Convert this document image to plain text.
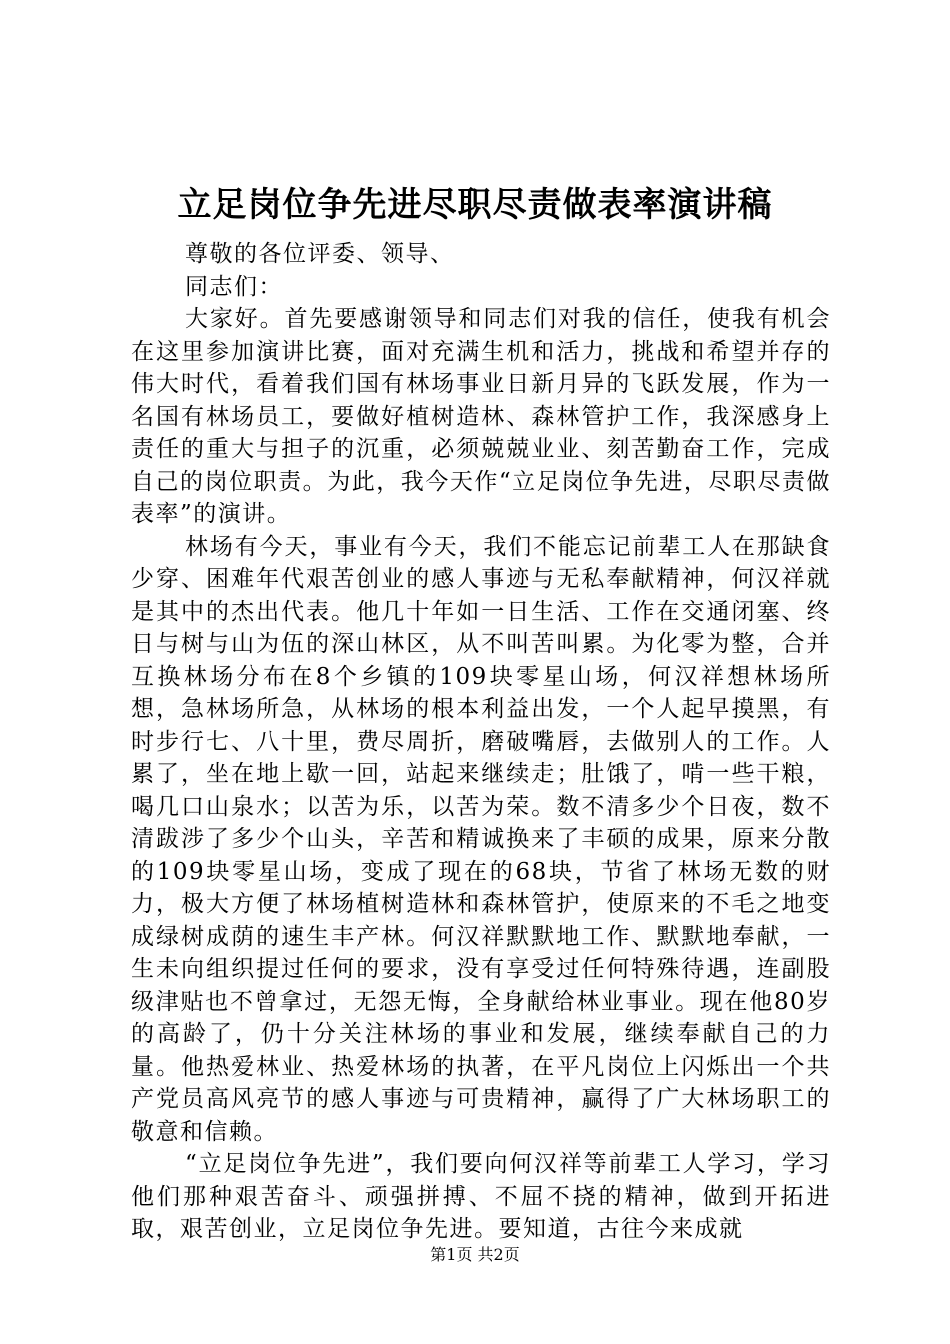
立足岗位争先进尽职尽责做表率演讲稿

尊敬的各位评委、领导、

同志们：

大家好。首先要感谢领导和同志们对我的信任，使我有机会在这里参加演讲比赛，面对充满生机和活力，挑战和希望并存的伟大时代，看着我们国有林场事业日新月异的飞跃发展，作为一名国有林场员工，要做好植树造林、森林管护工作，我深感身上责任的重大与担子的沉重，必须兢兢业业、刻苦勤奋工作，完成自己的岗位职责。为此，我今天作“立足岗位争先进，尽职尽责做表率”的演讲。

林场有今天，事业有今天，我们不能忘记前辈工人在那缺食少穿、困难年代艰苦创业的感人事迹与无私奉献精神，何汉祥就是其中的杰出代表。他几十年如一日生活、工作在交通闭塞、终日与树与山为伍的深山林区，从不叫苦叫累。为化零为整，合并互换林场分布在8个乡镇的109块零星山场，何汉祥想林场所想，急林场所急，从林场的根本利益出发，一个人起早摸黑，有时步行七、八十里，费尽周折，磨破嘴唇，去做别人的工作。人累了，坐在地上歇一回，站起来继续走；肚饿了，啃一些干粮，喝几口山泉水；以苦为乐，以苦为荣。数不清多少个日夜，数不清跋涉了多少个山头，辛苦和精诚换来了丰硕的成果，原来分散的109块零星山场，变成了现在的68块，节省了林场无数的财力，极大方便了林场植树造林和森林管护，使原来的不毛之地变成绿树成荫的速生丰产林。何汉祥默默地工作、默默地奉献，一生未向组织提过任何的要求，没有享受过任何特殊待遇，连副股级津贴也不曾拿过，无怨无悔，全身献给林业事业。现在他80岁的高龄了，仍十分关注林场的事业和发展，继续奉献自己的力量。他热爱林业、热爱林场的执著，在平凡岗位上闪烁出一个共产党员高风亮节的感人事迹与可贵精神，赢得了广大林场职工的敬意和信赖。

“立足岗位争先进”，我们要向何汉祥等前辈工人学习，学习他们那种艰苦奋斗、顽强拼搏、不屈不挠的精神，做到开拓进取，艰苦创业，立足岗位争先进。要知道，古往今来成就

第1页 共2页
